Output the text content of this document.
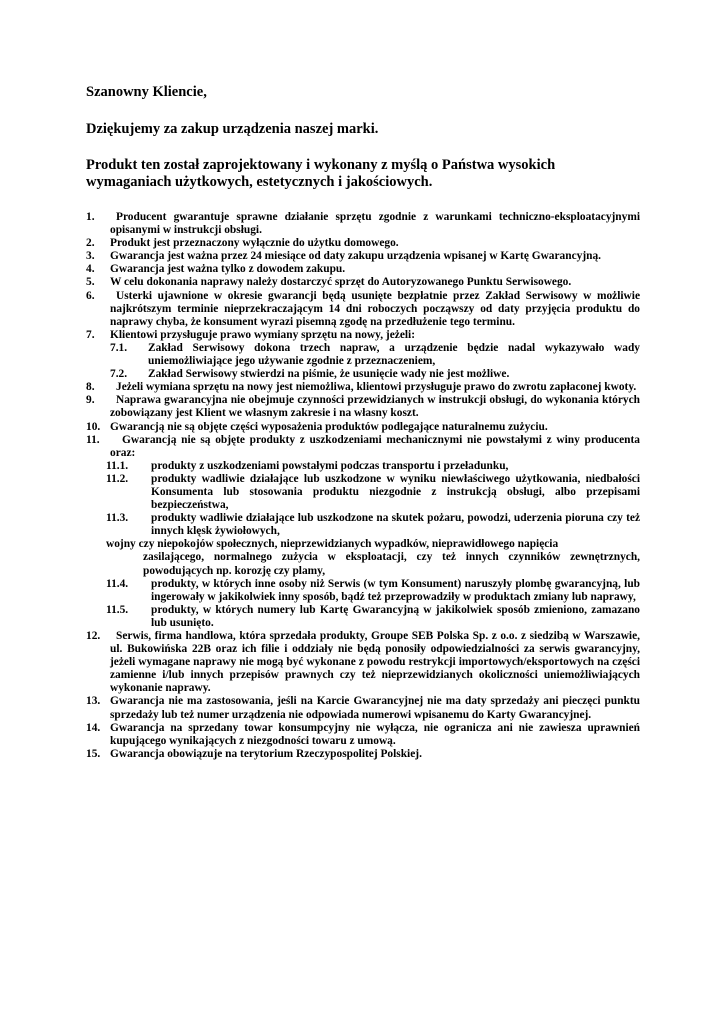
Szanowny Kliencie,

Dziękujemy za zakup urządzenia naszej marki.

Produkt ten został zaprojektowany i wykonany z myślą o Państwa wysokich wymaganiach użytkowych, estetycznych i jakościowych.

1. Producent gwarantuje sprawne działanie sprzętu zgodnie z warunkami techniczno-eksploatacyjnymi opisanymi w instrukcji obsługi.
2. Produkt jest przeznaczony wyłącznie do użytku domowego.
3. Gwarancja jest ważna przez 24 miesiące od daty zakupu urządzenia wpisanej w Kartę Gwarancyjną.
4. Gwarancja jest ważna tylko z dowodem zakupu.
5. W celu dokonania naprawy należy dostarczyć sprzęt do Autoryzowanego Punktu Serwisowego.
6. Usterki ujawnione w okresie gwarancji będą usunięte bezpłatnie przez Zakład Serwisowy w możliwie najkrótszym terminie nieprzekraczającym 14 dni roboczych począwszy od daty przyjęcia produktu do naprawy chyba, że konsument wyrazi pisemną zgodę na przedłużenie tego terminu.
7. Klientowi przysługuje prawo wymiany sprzętu na nowy, jeżeli:
7.1. Zakład Serwisowy dokona trzech napraw, a urządzenie będzie nadal wykazywało wady uniemożliwiające jego używanie zgodnie z przeznaczeniem,
7.2. Zakład Serwisowy stwierdzi na piśmie, że usunięcie wady nie jest możliwe.
8. Jeżeli wymiana sprzętu na nowy jest niemożliwa, klientowi przysługuje prawo do zwrotu zapłaconej kwoty.
9. Naprawa gwarancyjna nie obejmuje czynności przewidzianych w instrukcji obsługi, do wykonania których zobowiązany jest Klient we własnym zakresie i na własny koszt.
10. Gwarancją nie są objęte części wyposażenia produktów podlegające naturalnemu zużyciu.
11. Gwarancją nie są objęte produkty z uszkodzeniami mechanicznymi nie powstałymi z winy producenta oraz:
11.1. produkty z uszkodzeniami powstałymi podczas transportu i przeładunku,
11.2. produkty wadliwie działające lub uszkodzone w wyniku niewłaściwego użytkowania, niedbałości Konsumenta lub stosowania produktu niezgodnie z instrukcją obsługi, albo przepisami bezpieczeństwa,
11.3. produkty wadliwie działające lub uszkodzone na skutek pożaru, powodzi, uderzenia pioruna czy też innych klęsk żywiołowych,
wojny czy niepokojów społecznych, nieprzewidzianych wypadków, nieprawidłowego napięcia
zasilającego, normalnego zużycia w eksploatacji, czy też innych czynników zewnętrznych, powodujących np. korozję czy plamy,
11.4. produkty, w których inne osoby niż Serwis (w tym Konsument) naruszyły plombę gwarancyjną, lub ingerowały w jakikolwiek inny sposób, bądź też przeprowadziły w produktach zmiany lub naprawy,
11.5. produkty, w których numery lub Kartę Gwarancyjną w jakikolwiek sposób zmieniono, zamazano lub usunięto.
12. Serwis, firma handlowa, która sprzedała produkty, Groupe SEB Polska Sp. z o.o. z siedzibą w Warszawie, ul. Bukowińska 22B oraz ich filie i oddziały nie będą ponosiły odpowiedzialności za serwis gwarancyjny, jeżeli wymagane naprawy nie mogą być wykonane z powodu restrykcji importowych/eksportowych na części zamienne i/lub innych przepisów prawnych czy też nieprzewidzianych okoliczności uniemożliwiających wykonanie naprawy.
13. Gwarancja nie ma zastosowania, jeśli na Karcie Gwarancyjnej nie ma daty sprzedaży ani pieczęci punktu sprzedaży lub też numer urządzenia nie odpowiada numerowi wpisanemu do Karty Gwarancyjnej.
14. Gwarancja na sprzedany towar konsumpcyjny nie wyłącza, nie ogranicza ani nie zawiesza uprawnień kupującego wynikających z niezgodności towaru z umową.
15. Gwarancja obowiązuje na terytorium Rzeczypospolitej Polskiej.
